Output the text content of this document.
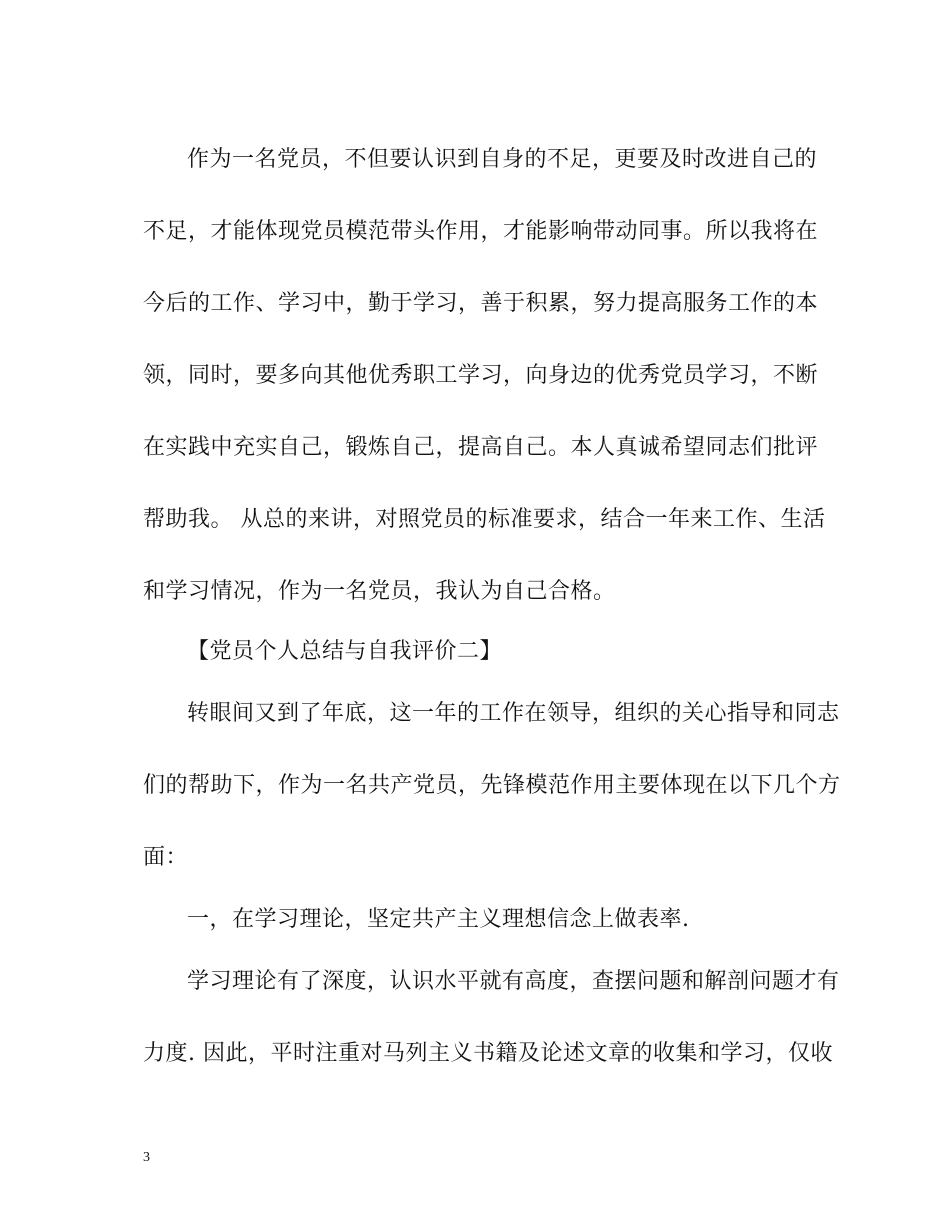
作为一名党员，不但要认识到自身的不足，更要及时改进自己的
不足，才能体现党员模范带头作用，才能影响带动同事。所以我将在
今后的工作、学习中，勤于学习，善于积累，努力提高服务工作的本
领，同时，要多向其他优秀职工学习，向身边的优秀党员学习，不断
在实践中充实自己，锻炼自己，提高自己。本人真诚希望同志们批评
帮助我。 从总的来讲，对照党员的标准要求，结合一年来工作、生活
和学习情况，作为一名党员，我认为自己合格。
【党员个人总结与自我评价二】
转眼间又到了年底，这一年的工作在领导，组织的关心指导和同志
们的帮助下，作为一名共产党员，先锋模范作用主要体现在以下几个方
面：
一，在学习理论，坚定共产主义理想信念上做表率.
学习理论有了深度，认识水平就有高度，查摆问题和解剖问题才有
力度. 因此，平时注重对马列主义书籍及论述文章的收集和学习，仅收
3
